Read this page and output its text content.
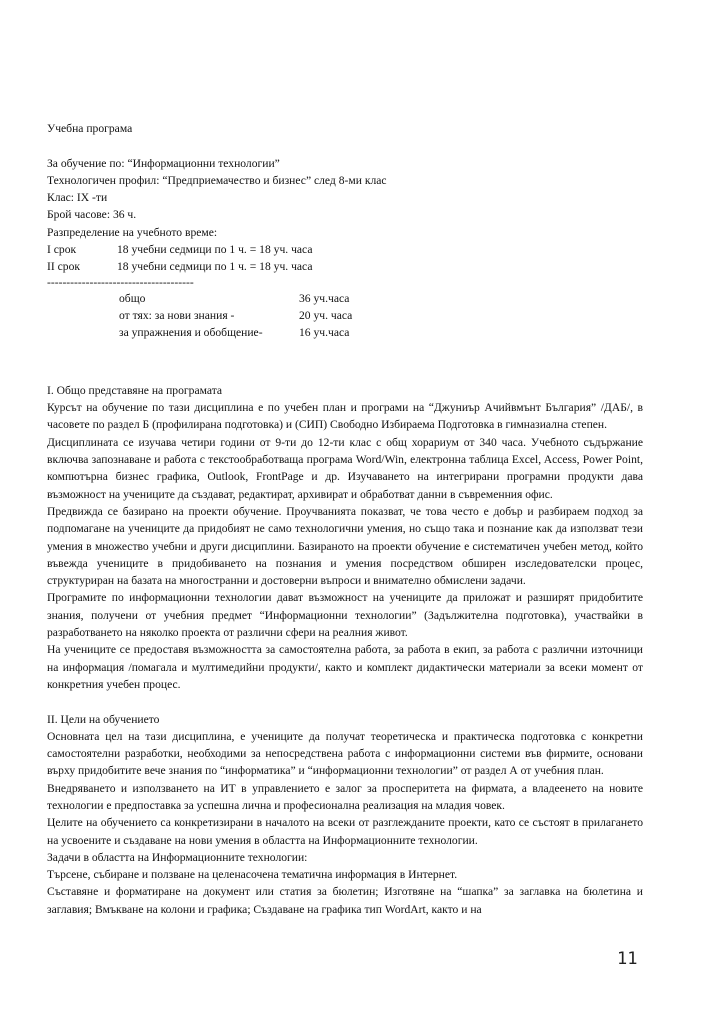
Учебна програма
За обучение по: “Информационни технологии”
Технологичен профил: “Предприемачество и бизнес” след 8-ми клас
Клас: IX -ти
Брой часове: 36 ч.
Разпределение на учебното време:
I срок	18 учебни седмици по 1 ч. = 18 уч. часа
II срок	18 учебни седмици по 1 ч. = 18 уч. часа
--------------------------------------
общо	36 уч.часа
от тях: за нови знания -	20 уч. часа
за упражнения и обобщение-	16 уч.часа
I. Общо представяне на програмата
Курсът на обучение по тази дисциплина е по учебен план и програми на “Джуниър Ачийвмънт България” /ДАБ/, в часовете по раздел Б (профилирана подготовка) и (СИП) Свободно Избираема Подготовка в гимназиална степен.
Дисциплината се изучава четири години от 9-ти до 12-ти клас с общ хорариум от 340 часа. Учебното съдържание включва запознаване и работа с текстообработваща програма Word/Win, електронна таблица Excel, Access, Power Point, компютърна бизнес графика, Outlook, FrontPage и др. Изучаването на интегрирани програмни продукти дава възможност на учениците да създават, редактират, архивират и обработват данни в съвременния офис.
Предвижда се базирано на проекти обучение. Проучванията показват, че това често е добър и разбираем подход за подпомагане на учениците да придобият не само технологични умения, но също така и познание как да използват тези умения в множество учебни и други дисциплини. Базираното на проекти обучение е систематичен учебен метод, който въвежда учениците в придобиването на познания и умения посредством обширен изследователски процес, структуриран на базата на многостранни и достоверни въпроси и внимателно обмислени задачи.
Програмите по информационни технологии дават възможност на учениците да приложат и разширят придобитите знания, получени от учебния предмет “Информационни технологии” (Задължителна подготовка), участвайки в разработването на няколко проекта от различни сфери на реалния живот.
На учениците се предоставя възможността за самостоятелна работа, за работа в екип, за работа с различни източници на информация /помагала и мултимедийни продукти/, както и комплект дидактически материали за всеки момент от конкретния учебен процес.
II. Цели на обучението
Основната цел на тази дисциплина, е учениците да получат теоретическа и практическа подготовка с конкретни самостоятелни разработки, необходими за непосредствена работа с информационни системи във фирмите, основани върху придобитите вече знания по “информатика” и “информационни технологии” от раздел А от учебния план.
Внедряването и използването на ИТ в управлението е залог за просперитета на фирмата, а владеенето на новите технологии е предпоставка за успешна лична и професионална реализация на младия човек.
Целите на обучението са конкретизирани в началото на всеки от разглежданите проекти, като се състоят в прилагането на усвоените и създаване на нови умения в областта на Информационните технологии.
Задачи в областта на Информационните технологии:
Търсене, събиране и ползване на целенасочена тематична информация в Интернет.
Съставяне и форматиране на документ или статия за бюлетин; Изготвяне на “шапка” за заглавка на бюлетина и заглавия; Вмъкване на колони и графика; Създаване на графика тип WordArt, както и на
11
